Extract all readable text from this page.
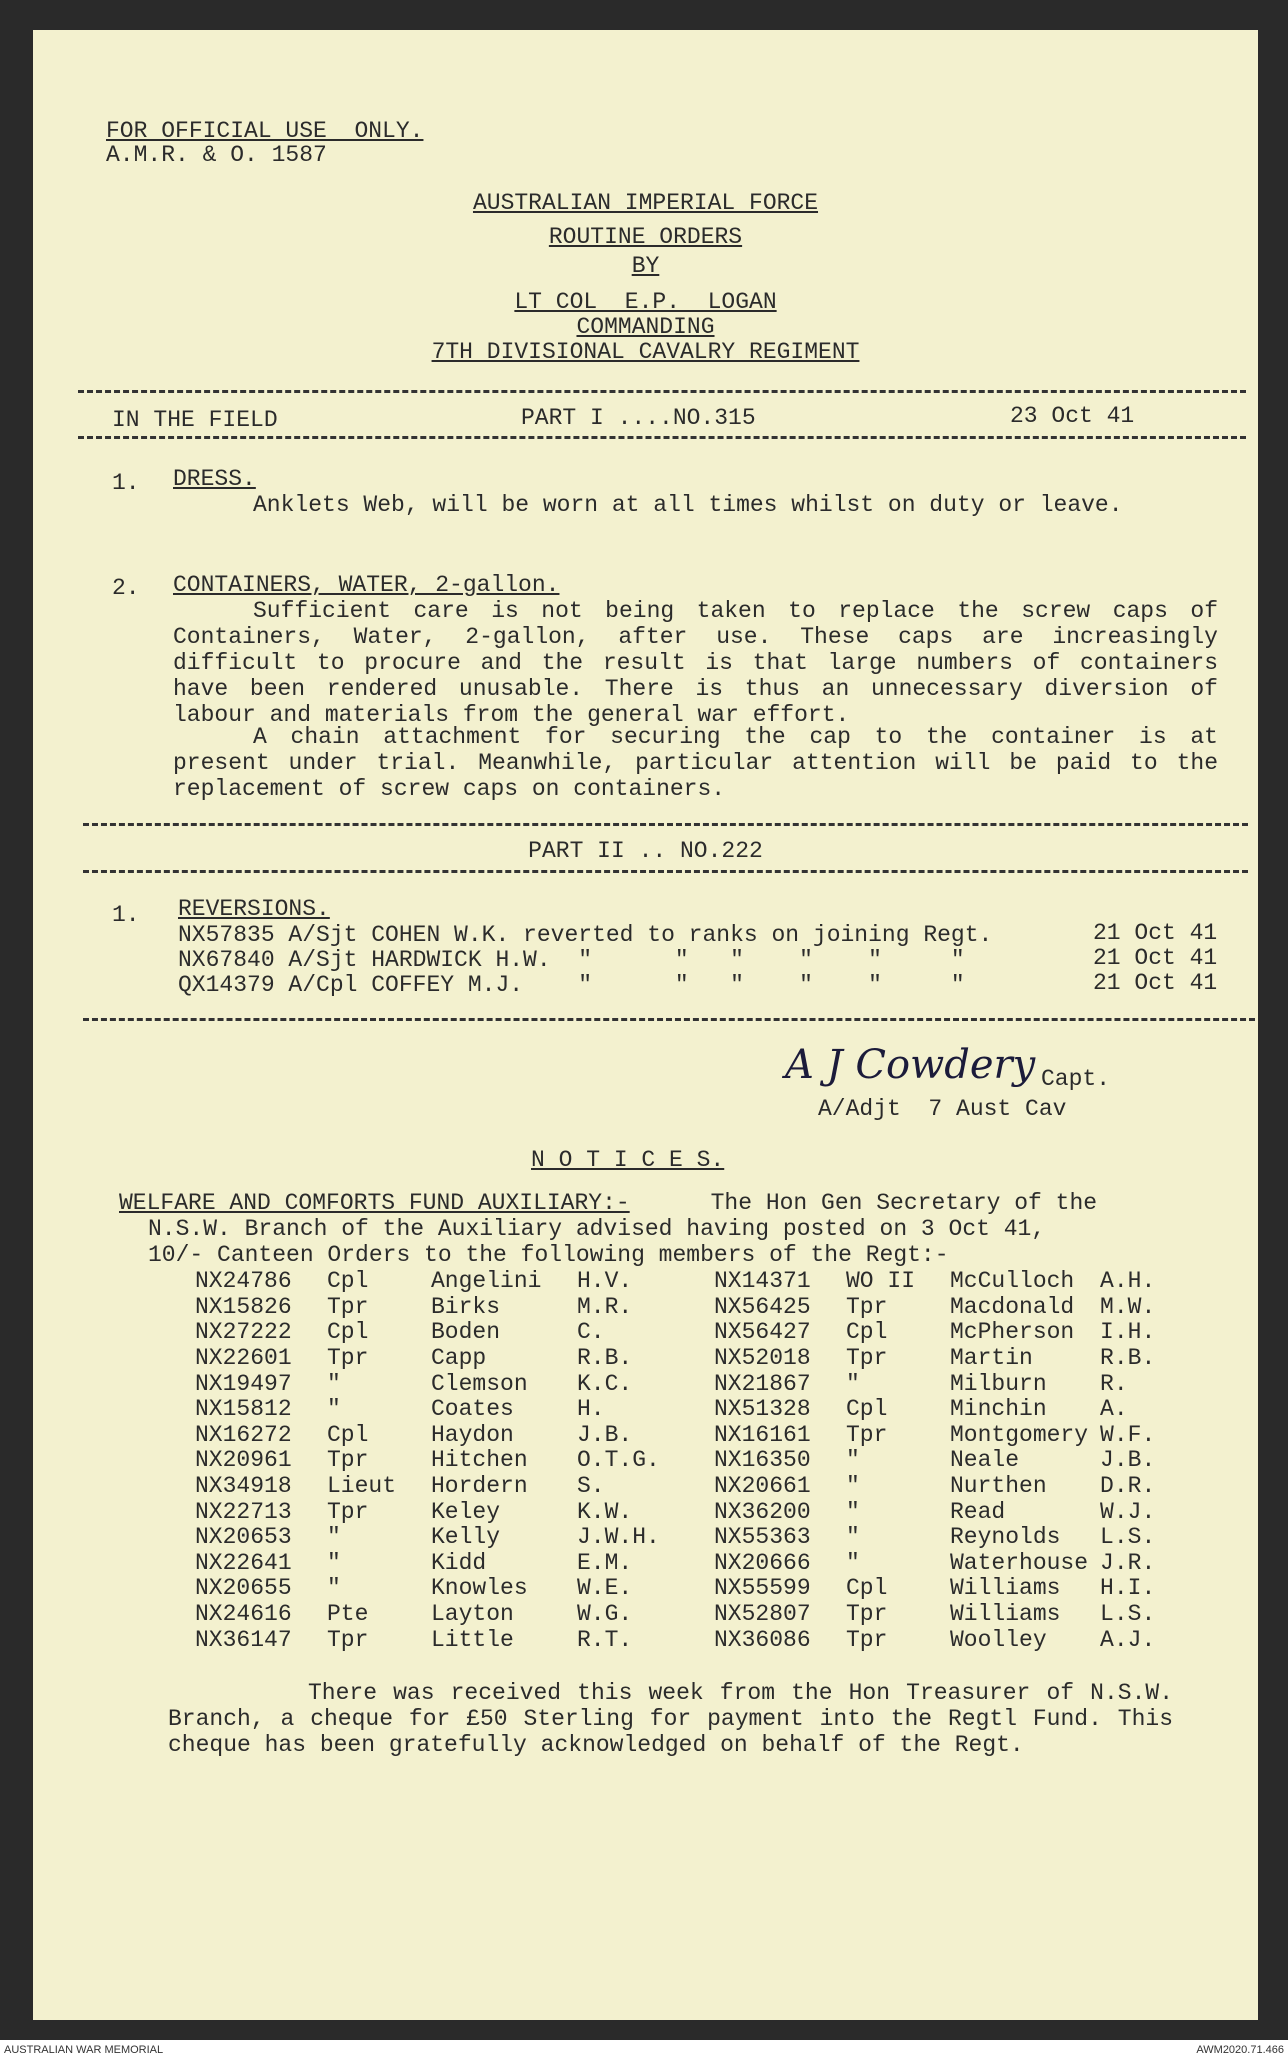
FOR OFFICIAL USE  ONLY.
A.M.R. & O. 1587
AUSTRALIAN IMPERIAL FORCE
ROUTINE ORDERS
BY
LT COL  E.P.  LOGAN
COMMANDING
7TH DIVISIONAL CAVALRY REGIMENT
IN THE FIELD	PART I ....NO.315	23 Oct 41
1. DRESS.
Anklets Web, will be worn at all times whilst on duty or leave.
2. CONTAINERS, WATER, 2-gallon.
Sufficient care is not being taken to replace the screw caps of Containers, Water, 2-gallon, after use. These caps are increasingly difficult to procure and the result is that large numbers of containers have been rendered unusable. There is thus an unnecessary diversion of labour and materials from the general war effort.
A chain attachment for securing the cap to the container is at present under trial. Meanwhile, particular attention will be paid to the replacement of screw caps on containers.
PART II .. NO.222
1. REVERSIONS.
NX57835 A/Sjt COHEN W.K. reverted to ranks on joining Regt.	21 Oct 41
NX67840 A/Sjt HARDWICK H.W.  "      "   "    "    "     "	21 Oct 41
QX14379 A/Cpl COFFEY M.J.    "      "   "    "    "     "	21 Oct 41
A J Cowdery Capt.
A/Adjt  7 Aust Cav
N O T I C E S.
WELFARE AND COMFORTS FUND AUXILIARY:- The Hon Gen Secretary of the
N.S.W. Branch of the Auxiliary advised having posted on 3 Oct 41,
10/- Canteen Orders to the following members of the Regt:-
NX24786	Cpl	Angelini	H.V.
NX15826	Tpr	Birks	M.R.
NX27222	Cpl	Boden	C.
NX22601	Tpr	Capp	R.B.
NX19497	"	Clemson	K.C.
NX15812	"	Coates	H.
NX16272	Cpl	Haydon	J.B.
NX20961	Tpr	Hitchen	O.T.G.
NX34918	Lieut	Hordern	S.
NX22713	Tpr	Keley	K.W.
NX20653	"	Kelly	J.W.H.
NX22641	"	Kidd	E.M.
NX20655	"	Knowles	W.E.
NX24616	Pte	Layton	W.G.
NX36147	Tpr	Little	R.T.
NX14371	WO II	McCulloch	A.H.
NX56425	Tpr	Macdonald	M.W.
NX56427	Cpl	McPherson	I.H.
NX52018	Tpr	Martin	R.B.
NX21867	"	Milburn	R.
NX51328	Cpl	Minchin	A.
NX16161	Tpr	Montgomery	W.F.
NX16350	"	Neale	J.B.
NX20661	"	Nurthen	D.R.
NX36200	"	Read	W.J.
NX55363	"	Reynolds	L.S.
NX20666	"	Waterhouse	J.R.
NX55599	Cpl	Williams	H.I.
NX52807	Tpr	Williams	L.S.
NX36086	Tpr	Woolley	A.J.
There was received this week from the Hon Treasurer of N.S.W. Branch, a cheque for £50 Sterling for payment into the Regtl Fund. This cheque has been gratefully acknowledged on behalf of the Regt.
AUSTRALIAN WAR MEMORIAL	AWM2020.71.466
